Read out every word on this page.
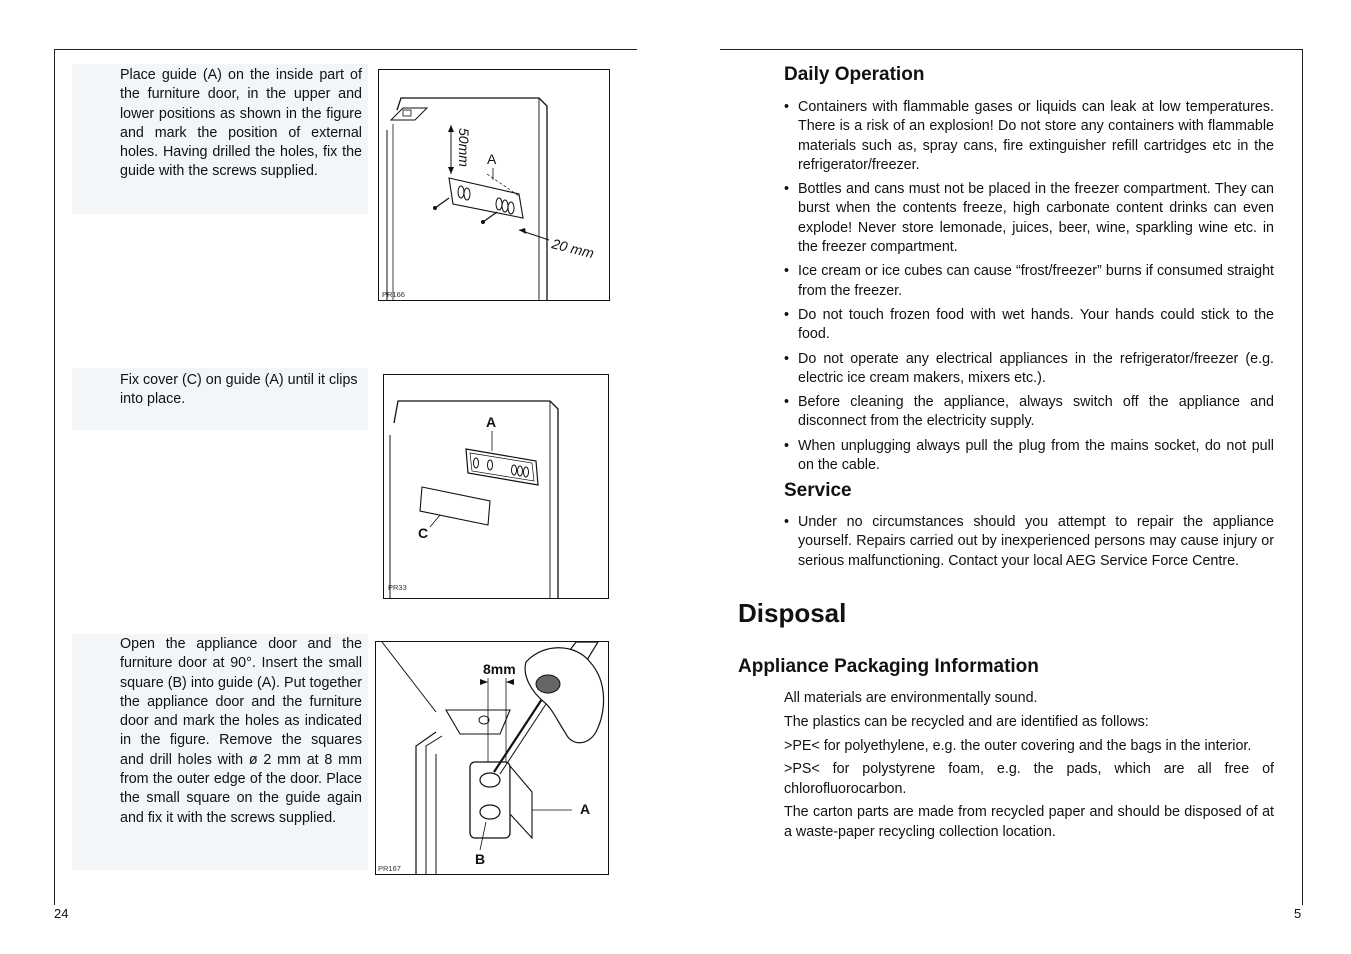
Place guide (A) on the inside part of the furniture door, in the upper and lower positions as shown in the figure and mark the position of external holes. Having drilled the holes, fix the guide with the screws supplied.
50mm A
20 mm
PR166
Fix cover (C) on guide (A) until it clips into place.
A
C
PR33
Open the appliance door and the furniture door at 90°. Insert the small square (B) into guide (A). Put together the appliance door and the furniture door and mark the holes as indicated in the figure. Remove the squares and drill holes with ø 2 mm at 8 mm from the outer edge of the door. Place the small square on the guide again and fix it with the screws supplied.
8mm
A
B
PR167
24
Daily Operation
• Containers with flammable gases or liquids can leak at low temperatures. There is a risk of an explosion! Do not store any containers with flammable materials such as, spray cans, fire extinguisher refill cartridges etc in the refrigerator/freezer.
• Bottles and cans must not be placed in the freezer compartment. They can burst when the contents freeze, high carbonate content drinks can even explode! Never store lemonade, juices, beer, wine, sparkling wine etc. in the freezer compartment.
• Ice cream or ice cubes can cause “frost/freezer” burns if consumed straight from the freezer.
• Do not touch frozen food with wet hands. Your hands could stick to the food.
• Do not operate any electrical appliances in the refrigerator/freezer (e.g. electric ice cream makers, mixers etc.).
• Before cleaning the appliance, always switch off the appliance and disconnect from the electricity supply.
• When unplugging always pull the plug from the mains socket, do not pull on the cable.
Service
• Under no circumstances should you attempt to repair the appliance yourself. Repairs carried out by inexperienced persons may cause injury or serious malfunctioning. Contact your local AEG Service Force Centre.
Disposal
Appliance Packaging Information

All materials are environmentally sound.

The plastics can be recycled and are identified as follows:

>PE< for polyethylene, e.g. the outer covering and the bags in the interior.

>PS< for polystyrene foam, e.g. the pads, which are all free of chlorofluorocarbon.

The carton parts are made from recycled paper and should be disposed of at a waste-paper recycling collection location.

5
